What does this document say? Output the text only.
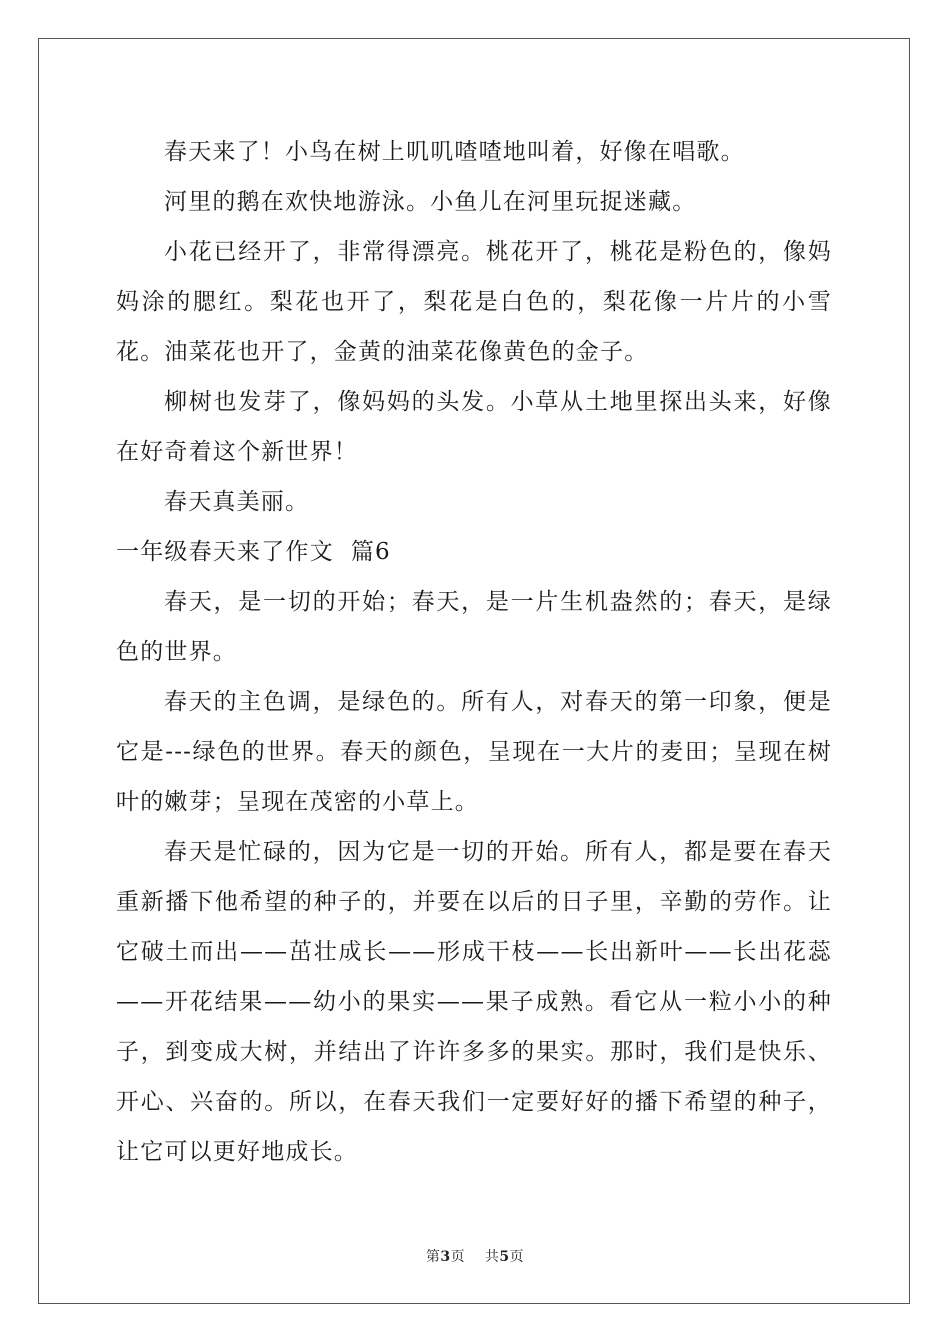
春天来了！小鸟在树上叽叽喳喳地叫着，好像在唱歌。

河里的鹅在欢快地游泳。小鱼儿在河里玩捉迷藏。

小花已经开了，非常得漂亮。桃花开了，桃花是粉色的，像妈妈涂的腮红。梨花也开了，梨花是白色的，梨花像一片片的小雪花。油菜花也开了，金黄的油菜花像黄色的金子。

柳树也发芽了，像妈妈的头发。小草从土地里探出头来，好像在好奇着这个新世界！

春天真美丽。

一年级春天来了作文  篇6

春天，是一切的开始；春天，是一片生机盎然的；春天，是绿色的世界。

春天的主色调，是绿色的。所有人，对春天的第一印象，便是它是---绿色的世界。春天的颜色，呈现在一大片的麦田；呈现在树叶的嫩芽；呈现在茂密的小草上。

春天是忙碌的，因为它是一切的开始。所有人，都是要在春天重新播下他希望的种子的，并要在以后的日子里，辛勤的劳作。让它破土而出——茁壮成长——形成干枝——长出新叶——长出花蕊——开花结果——幼小的果实——果子成熟。看它从一粒小小的种子，到变成大树，并结出了许许多多的果实。那时，我们是快乐、开心、兴奋的。所以，在春天我们一定要好好的播下希望的种子，让它可以更好地成长。

第3页 共5页
